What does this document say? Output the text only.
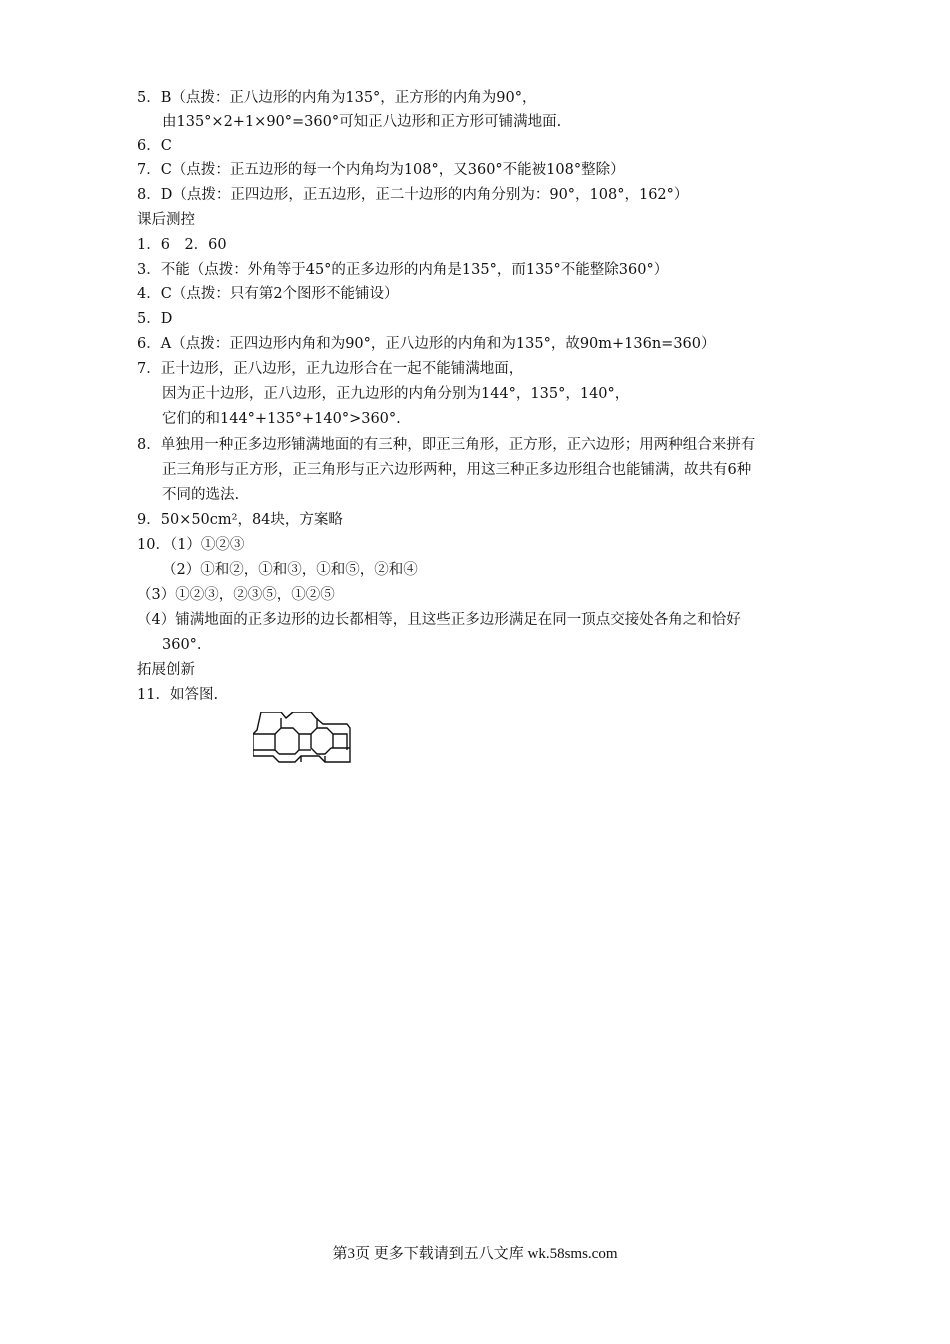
5．B（点拨：正八边形的内角为135°，正方形的内角为90°，
由135°×2+1×90°=360°可知正八边形和正方形可铺满地面.
6．C
7．C（点拨：正五边形的每一个内角均为108°，又360°不能被108°整除）
8．D（点拨：正四边形，正五边形，正二十边形的内角分别为：90°，108°，162°）
课后测控
1．6　2．60
3．不能（点拨：外角等于45°的正多边形的内角是135°，而135°不能整除360°）
4．C（点拨：只有第2个图形不能铺设）
5．D
6．A（点拨：正四边形内角和为90°，正八边形的内角和为135°，故90m+136n=360）
7．正十边形，正八边形，正九边形合在一起不能铺满地面，
因为正十边形，正八边形，正九边形的内角分别为144°，135°，140°，
它们的和144°+135°+140°>360°.
8．单独用一种正多边形铺满地面的有三种，即正三角形，正方形，正六边形；用两种组合来拼有
正三角形与正方形，正三角形与正六边形两种，用这三种正多边形组合也能铺满，故共有6种
不同的选法.
9．50×50cm²，84块，方案略
10．（1）①②③
（2）①和②，①和③，①和⑤，②和④
（3）①②③，②③⑤，①②⑤
（4）铺满地面的正多边形的边长都相等，且这些正多边形满足在同一顶点交接处各角之和恰好
360°.
拓展创新
11．如答图.
第3页 更多下载请到五八文库 wk.58sms.com
